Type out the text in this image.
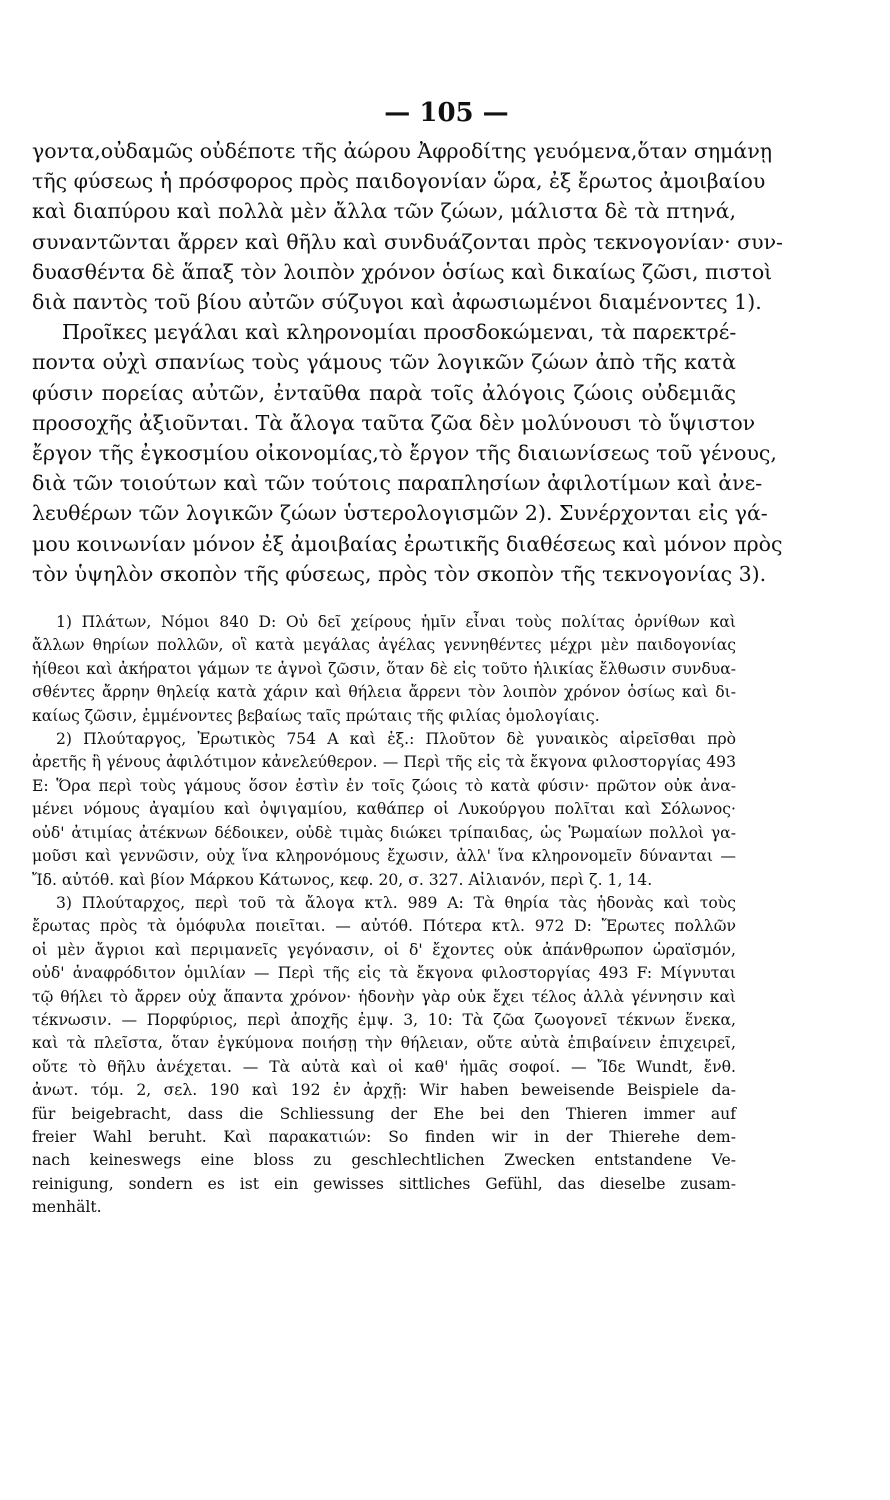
— 105 —
γοντα,οὐδαμῶς οὐδέποτε τῆς ἀώρου Ἀφροδίτης γευόμενα,ὅταν σημάνῃ
τῆς φύσεως ἡ πρόσφορος πρὸς παιδογονίαν ὥρα, ἐξ ἔρωτος ἀμοιβαίου
καὶ διαπύρου καὶ πολλὰ μὲν ἄλλα τῶν ζώων, μάλιστα δὲ τὰ πτηνά,
συναντῶνται ἄρρεν καὶ θῆλυ καὶ συνδυάζονται πρὸς τεκνογονίαν· συν-
δυασθέντα δὲ ἅπαξ τὸν λοιπὸν χρόνον ὁσίως καὶ δικαίως ζῶσι, πιστοὶ
διὰ παντὸς τοῦ βίου αὐτῶν σύζυγοι καὶ ἀφωσιωμένοι διαμένοντες 1).
Προῖκες μεγάλαι καὶ κληρονομίαι προσδοκώμεναι, τὰ παρεκτρέ-
ποντα οὐχὶ σπανίως τοὺς γάμους τῶν λογικῶν ζώων ἀπὸ τῆς κατὰ
φύσιν πορείας αὐτῶν, ἐνταῦθα παρὰ τοῖς ἀλόγοις ζώοις οὐδεμιᾶς
προσοχῆς ἀξιοῦνται. Τὰ ἄλογα ταῦτα ζῶα δὲν μολύνουσι τὸ ὕψιστον
ἔργον τῆς ἐγκοσμίου οἰκονομίας,τὸ ἔργον τῆς διαιωνίσεως τοῦ γένους,
διὰ τῶν τοιούτων καὶ τῶν τούτοις παραπλησίων ἀφιλοτίμων καὶ ἀνε-
λευθέρων τῶν λογικῶν ζώων ὑστερολογισμῶν 2). Συνέρχονται εἰς γά-
μου κοινωνίαν μόνον ἐξ ἀμοιβαίας ἐρωτικῆς διαθέσεως καὶ μόνον πρὸς
τὸν ὑψηλὸν σκοπὸν τῆς φύσεως, πρὸς τὸν σκοπὸν τῆς τεκνογονίας 3).
1) Πλάτων, Νόμοι 840 D: Οὐ δεῖ χείρους ἡμῖν εἶναι τοὺς πολίτας ὀρνίθων καὶ
ἄλλων θηρίων πολλῶν, οἳ κατὰ μεγάλας ἀγέλας γεννηθέντες μέχρι μὲν παιδογονίας
ἠίθεοι καὶ ἀκήρατοι γάμων τε ἁγνοὶ ζῶσιν, ὅταν δὲ εἰς τοῦτο ἡλικίας ἔλθωσιν συνδυα-
σθέντες ἄρρην θηλείᾳ κατὰ χάριν καὶ θήλεια ἄρρενι τὸν λοιπὸν χρόνον ὁσίως καὶ δι-
καίως ζῶσιν, ἐμμένοντες βεβαίως ταῖς πρώταις τῆς φιλίας ὁμολογίαις.
2) Πλούταργος, Ἐρωτικὸς 754 A καὶ ἑξ.: Πλοῦτον δὲ γυναικὸς αἱρεῖσθαι πρὸ
ἀρετῆς ἢ γένους ἀφιλότιμον κἀνελεύθερον. — Περὶ τῆς εἰς τὰ ἔκγονα φιλοστοργίας 493
E: Ὅρα περὶ τοὺς γάμους ὅσον ἐστὶν ἐν τοῖς ζώοις τὸ κατὰ φύσιν· πρῶτον οὐκ ἀνα-
μένει νόμους ἀγαμίου καὶ ὀψιγαμίου, καθάπερ οἱ Λυκούργου πολῖται καὶ Σόλωνος·
οὐδ' ἀτιμίας ἀτέκνων δέδοικεν, οὐδὲ τιμὰς διώκει τρίπαιδας, ὡς Ῥωμαίων πολλοὶ γα-
μοῦσι καὶ γεννῶσιν, οὐχ ἵνα κληρονόμους ἔχωσιν, ἀλλ' ἵνα κληρονομεῖν δύνανται —
Ἴδ. αὐτόθ. καὶ βίον Μάρκου Κάτωνος, κεφ. 20, σ. 327. Αἰλιανόν, περὶ ζ. 1, 14.
3) Πλούταρχος, περὶ τοῦ τὰ ἄλογα κτλ. 989 A: Τὰ θηρία τὰς ἡδονὰς καὶ τοὺς
ἔρωτας πρὸς τὰ ὁμόφυλα ποιεῖται. — αὐτόθ. Πότερα κτλ. 972 D: Ἔρωτες πολλῶν
οἱ μὲν ἄγριοι καὶ περιμανεῖς γεγόνασιν, οἱ δ' ἔχοντες οὐκ ἀπάνθρωπον ὡραϊσμόν,
οὐδ' ἀναφρόδιτον ὁμιλίαν — Περὶ τῆς εἰς τὰ ἔκγονα φιλοστοργίας 493 F: Μίγνυται
τῷ θήλει τὸ ἄρρεν οὐχ ἅπαντα χρόνον· ἡδονὴν γὰρ οὐκ ἔχει τέλος ἀλλὰ γέννησιν καὶ
τέκνωσιν. — Πορφύριος, περὶ ἀποχῆς ἐμψ. 3, 10: Τὰ ζῶα ζωογονεῖ τέκνων ἕνεκα,
καὶ τὰ πλεῖστα, ὅταν ἐγκύμονα ποιήσῃ τὴν θήλειαν, οὔτε αὐτὰ ἐπιβαίνειν ἐπιχειρεῖ,
οὔτε τὸ θῆλυ ἀνέχεται. — Τὰ αὐτὰ καὶ οἱ καθ' ἡμᾶς σοφοί. — Ἴδε Wundt, ἔνθ.
ἀνωτ. τόμ. 2, σελ. 190 καὶ 192 ἐν ἀρχῇ: Wir haben beweisende Beispiele da-
für beigebracht, dass die Schliessung der Ehe bei den Thieren immer auf
freier Wahl beruht. Καὶ παρακατιών: So finden wir in der Thierehe dem-
nach keineswegs eine bloss zu geschlechtlichen Zwecken entstandene Ve-
reinigung, sondern es ist ein gewisses sittliches Gefühl, das dieselbe zusam-
menhält.
